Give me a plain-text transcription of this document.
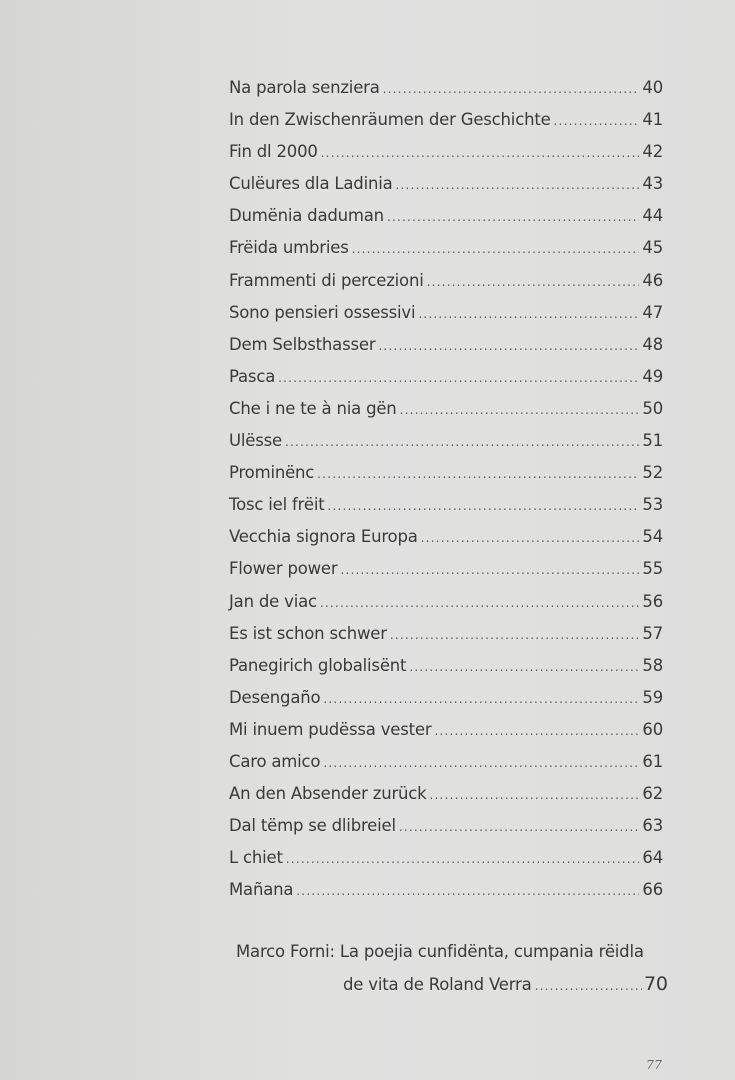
Na parola senziera .....	40
In den Zwischenräumen der Geschichte .....	41
Fin dl 2000 .....	42
Culëures dla Ladinia .....	43
Dumënia daduman .....	44
Frëida umbries .....	45
Frammenti di percezioni .....	46
Sono pensieri ossessivi .....	47
Dem Selbsthasser .....	48
Pasca .....	49
Che i ne te à nia gën .....	50
Ulësse .....	51
Prominënc .....	52
Tosc iel frëit .....	53
Vecchia signora Europa .....	54
Flower power .....	55
Jan de viac .....	56
Es ist schon schwer .....	57
Panegirich globalisënt .....	58
Desengaño .....	59
Mi inuem pudëssa vester .....	60
Caro amico .....	61
An den Absender zurück .....	62
Dal tëmp se dlibreiel .....	63
L chiet .....	64
Mañana .....	66
Marco Forni: La poejia cunfidënta, cumpania rëidla
de vita de Roland Verra .....	70
77
